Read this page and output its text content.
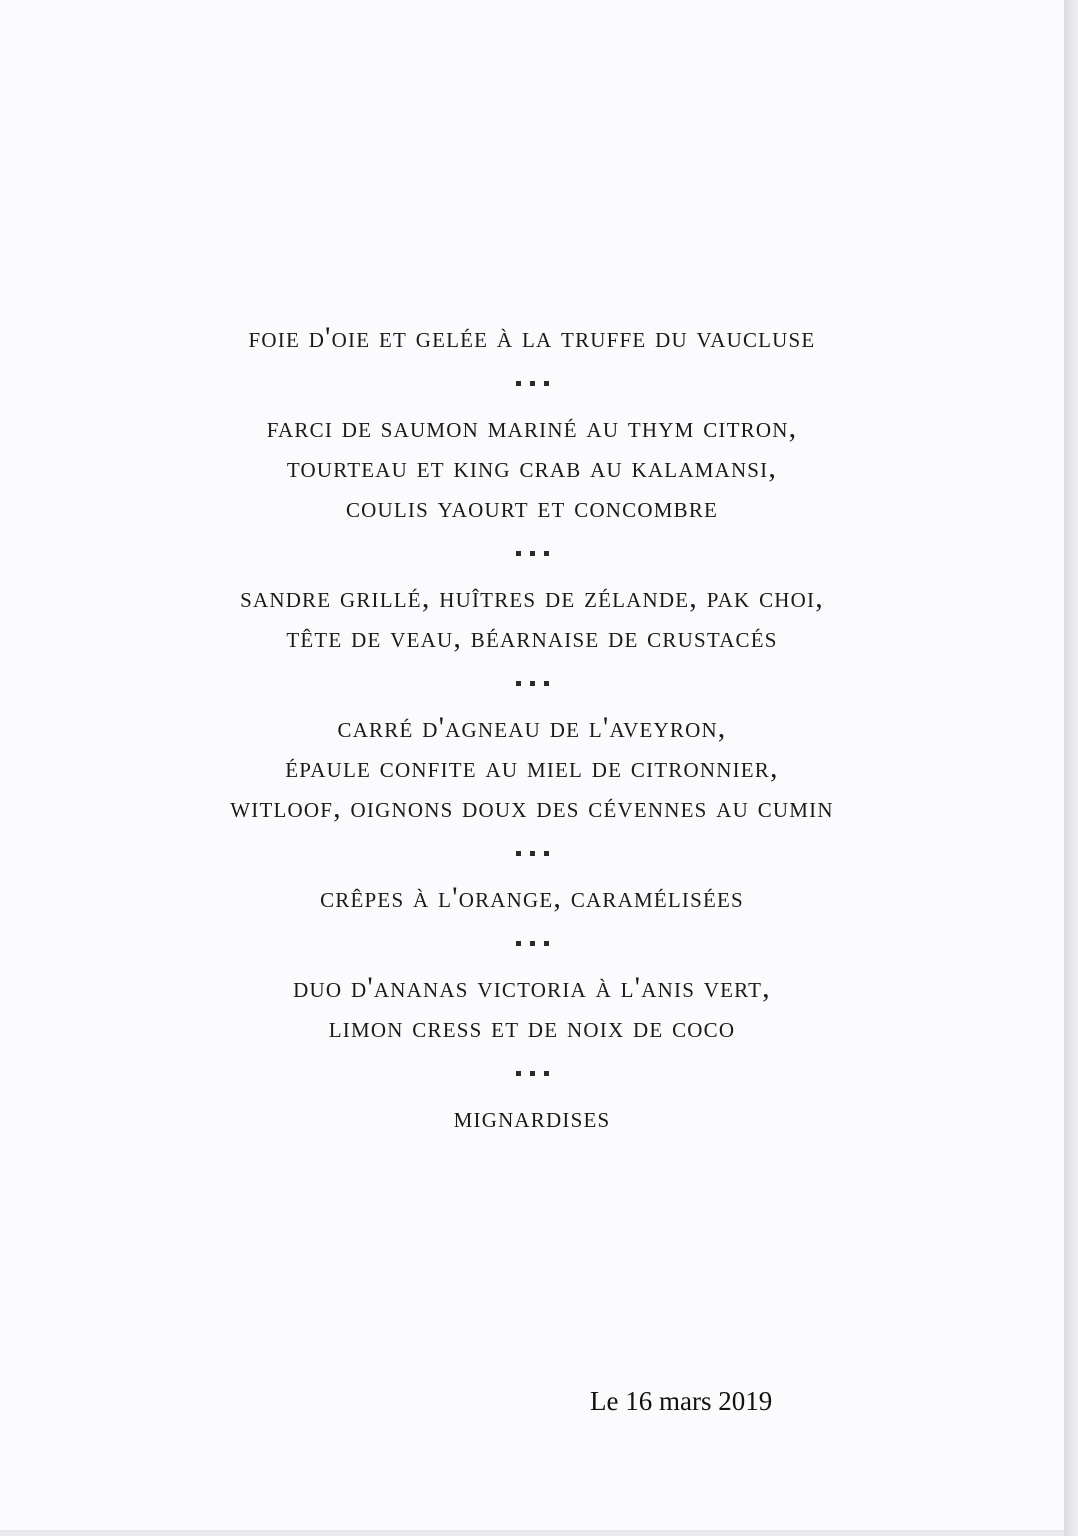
foie d'oie et gelée à la truffe du vaucluse
farci de saumon mariné au thym citron,
tourteau et king crab au kalamansi,
coulis yaourt et concombre
sandre grillé, huîtres de zélande, pak choi,
tête de veau, béarnaise de crustacés
carré d'agneau de l'aveyron,
épaule confite au miel de citronnier,
witloof, oignons doux des cévennes au cumin
crêpes à l'orange, caramélisées
duo d'ananas victoria à l'anis vert,
limon cress et de noix de coco
mignardises
Le 16 mars 2019
